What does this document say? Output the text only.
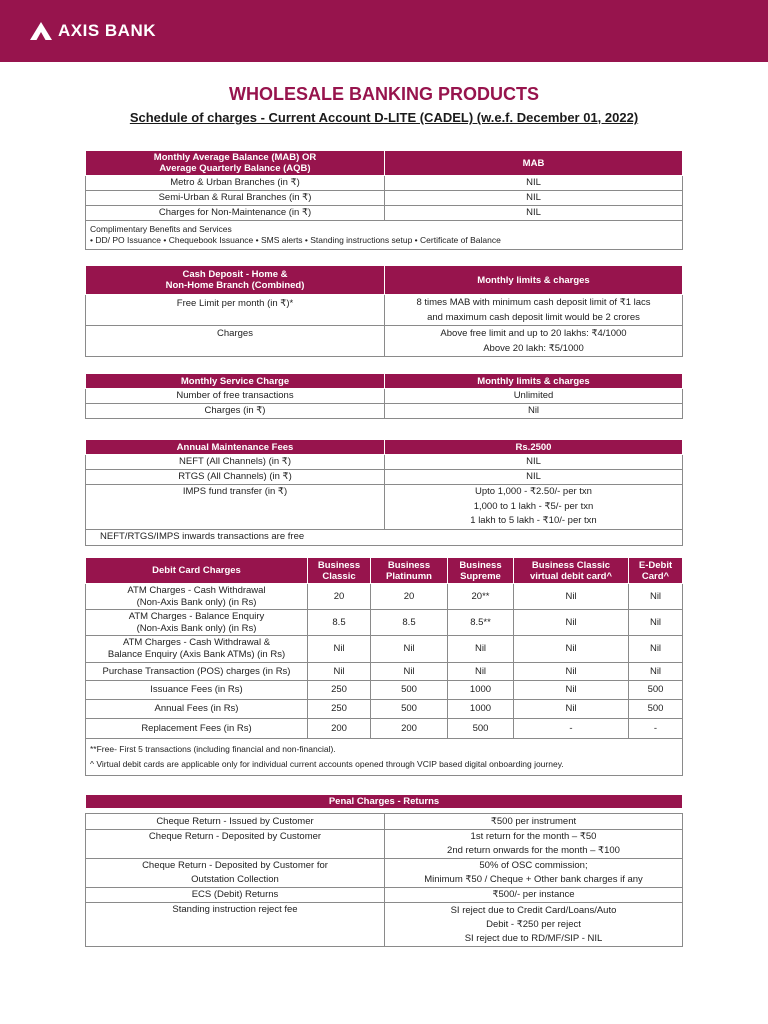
AXIS BANK
WHOLESALE BANKING PRODUCTS
Schedule of charges - Current Account D-LITE (CADEL) (w.e.f. December 01, 2022)
Monthly Average Balance (MAB) OR
Average Quarterly Balance (AQB)	MAB
Metro & Urban Branches (in ₹)	NIL
Semi-Urban & Rural Branches (in ₹)	NIL
Charges for Non-Maintenance (in ₹)	NIL

Complimentary Benefits and Services
• DD/ PO Issuance • Chequebook Issuance • SMS alerts • Standing instructions setup • Certificate of Balance	
Cash Deposit - Home &
Non-Home Branch (Combined)	Monthly limits & charges
Free Limit per month (in ₹)*	8 times MAB with minimum cash deposit limit of ₹1 lacs
and maximum cash deposit limit would be 2 crores

Charges	Above free limit and up to 20 lakhs: ₹4/1000
Above 20 lakh: ₹5/1000
Monthly Service Charge	Monthly limits & charges
Number of free transactions	Unlimited
Charges (in ₹)	Nil
Annual Maintenance Fees	Rs.2500
NEFT (All Channels) (in ₹)	NIL
RTGS (All Channels) (in ₹)	NIL
IMPS fund transfer (in ₹)	Upto 1,000 - ₹2.50/- per txn
1,000 to 1 lakh - ₹5/- per txn
1 lakh to 5 lakh - ₹10/- per txn

NEFT/RTGS/IMPS inwards transactions are free	
Debit Card Charges	Business Classic	Business Platinumn	Business Supreme	Business Classic virtual debit card^	E-Debit Card^

ATM Charges - Cash Withdrawal
(Non-Axis Bank only) (in Rs)	20	20	20**	Nil	Nil

ATM Charges - Balance Enquiry
(Non-Axis Bank only) (in Rs)	8.5	8.5	8.5**	Nil	Nil

ATM Charges - Cash Withdrawal &
Balance Enquiry (Axis Bank ATMs) (in Rs)	Nil	Nil	Nil	Nil	Nil
Purchase Transaction (POS) charges (in Rs)	Nil	Nil	Nil	Nil	Nil
Issuance Fees (in Rs)	250	500	1000	Nil	500
Annual Fees (in Rs)	250	500	1000	Nil	500
Replacement Fees (in Rs)	200	200	500	-	-

**Free- First 5 transactions (including financial and non-financial).
^ Virtual debit cards are applicable only for individual current accounts opened through VCIP based digital onboarding journey.					
Penal Charges - Returns	

Cheque Return - Issued by Customer	₹500 per instrument
Cheque Return - Deposited by Customer	1st return for the month – ₹50
2nd return onwards for the month – ₹100

Cheque Return - Deposited by Customer for
Outstation Collection	50% of OSC commission;
Minimum ₹50 / Cheque + Other bank charges if any

ECS (Debit) Returns	₹500/- per instance
Standing instruction reject fee	SI reject due to Credit Card/Loans/Auto
Debit - ₹250 per reject
SI reject due to RD/MF/SIP - NIL
